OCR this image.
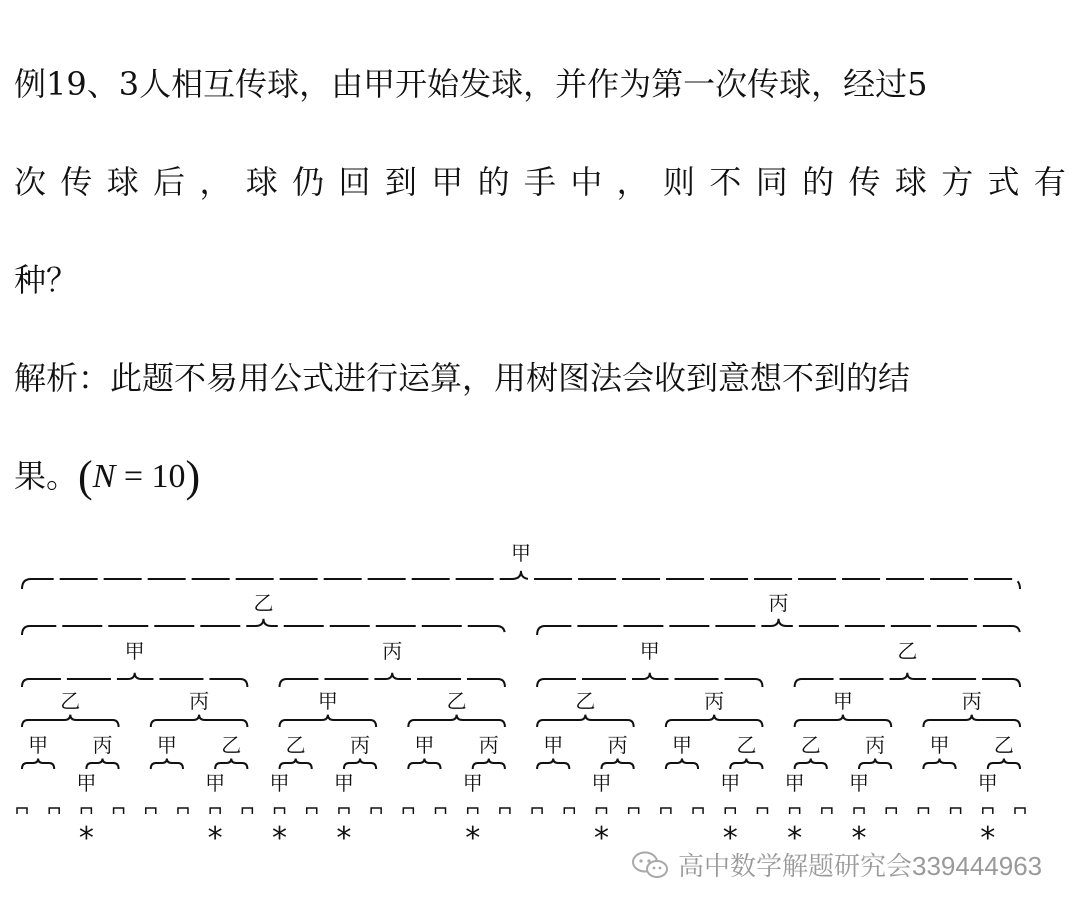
例19、3人相互传球，由甲开始发球，并作为第一次传球，经过5
次 传 球 后 ， 球 仍 回 到 甲 的 手 中 ， 则 不 同 的 传 球 方 式 有
种？
解析：此题不易用公式进行运算，用树图法会收到意想不到的结
果。(N = 10)
甲
乙	丙
甲	丙	甲	乙
乙	丙	甲	乙	乙	丙	甲	丙
甲 丙 甲 乙 乙 丙 甲 丙 甲 丙 甲 乙 乙 丙 甲 乙
甲
*
甲
*
甲
*
甲
*
甲
*
甲
*
甲
*
甲
*
甲
*
甲
*
高中数学解题研究会339444963
